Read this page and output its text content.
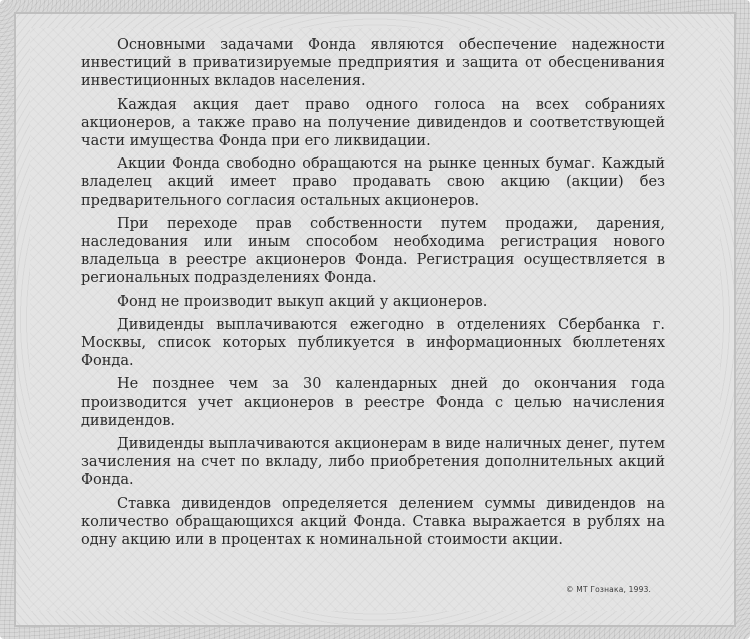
Основными задачами Фонда являются обеспечение надежности инвестиций в приватизируемые предприятия и защита от обесценивания инвестиционных вкладов населения.

Каждая акция дает право одного голоса на всех собраниях акционеров, а также право на получение дивидендов и соответствующей части имущества Фонда при его ликвидации.

Акции Фонда свободно обращаются на рынке ценных бумаг. Каждый владелец акций имеет право продавать свою акцию (акции) без предварительного согласия остальных акционеров.

При переходе прав собственности путем продажи, дарения, наследования или иным способом необходима регистрация нового владельца в реестре акционеров Фонда. Регистрация осуществляется в региональных подразделениях Фонда.

Фонд не производит выкуп акций у акционеров.

Дивиденды выплачиваются ежегодно в отделениях Сбербанка г. Москвы, список которых публикуется в информационных бюллетенях Фонда.

Не позднее чем за 30 календарных дней до окончания года производится учет акционеров в реестре Фонда с целью начисления дивидендов.

Дивиденды выплачиваются акционерам в виде наличных денег, путем зачисления на счет по вкладу, либо приобретения дополнительных акций Фонда.

Ставка дивидендов определяется делением суммы дивидендов на количество обращающихся акций Фонда. Ставка выражается в рублях на одну акцию или в процентах к номинальной стоимости акции.

© МТ Гознака, 1993.
